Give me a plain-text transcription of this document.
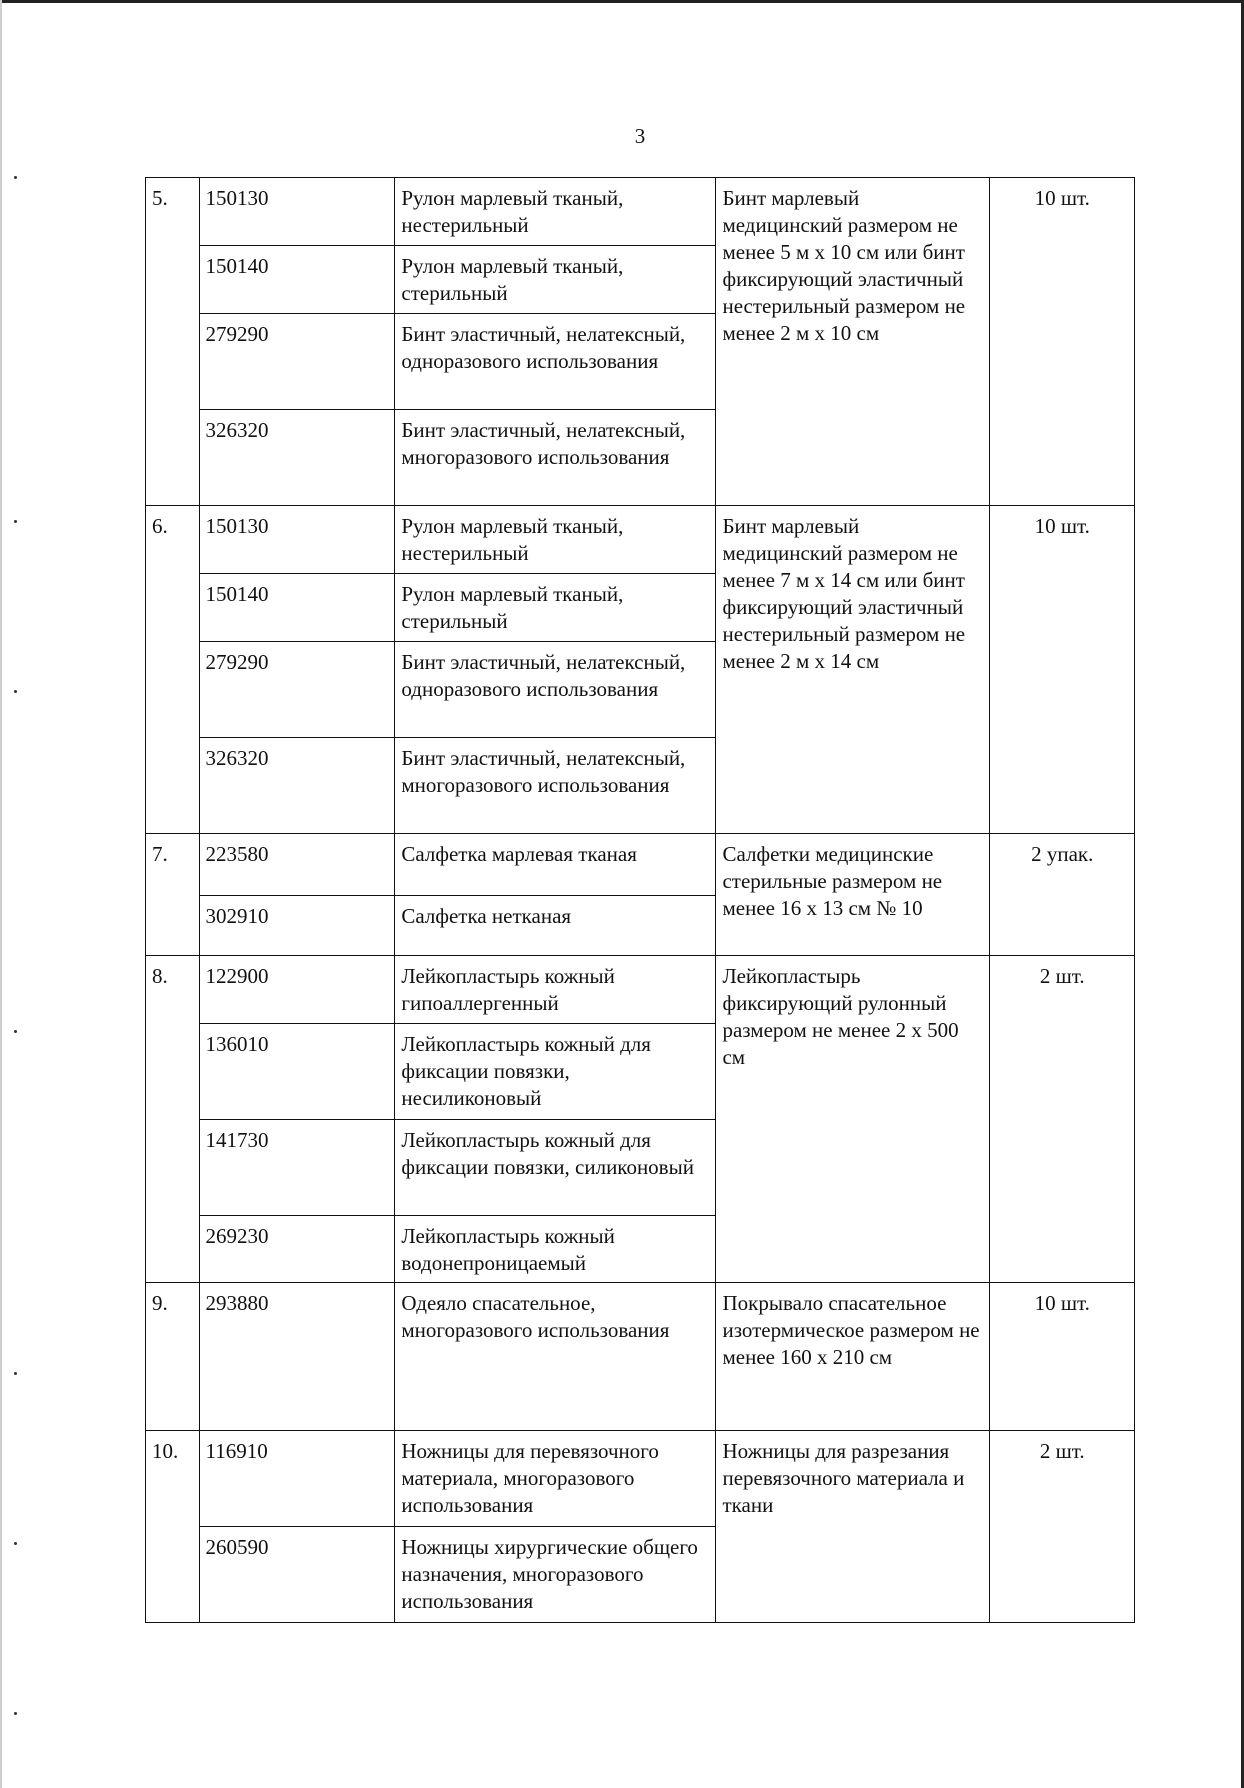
3
5.	150130	Рулон марлевый тканый, нестерильный	Бинт марлевый медицинский размером не менее 5 м х 10 см или бинт фиксирующий эластичный нестерильный размером не менее 2 м х 10 см	10 шт.
	150140	Рулон марлевый тканый, стерильный		
	279290	Бинт эластичный, нелатексный, одноразового использования		
	326320	Бинт эластичный, нелатексный, многоразового использования		
6.	150130	Рулон марлевый тканый, нестерильный	Бинт марлевый медицинский размером не менее 7 м х 14 см или бинт фиксирующий эластичный нестерильный размером не менее 2 м х 14 см	10 шт.
	150140	Рулон марлевый тканый, стерильный		
	279290	Бинт эластичный, нелатексный, одноразового использования		
	326320	Бинт эластичный, нелатексный, многоразового использования		
7.	223580	Салфетка марлевая тканая	Салфетки медицинские стерильные размером не менее 16 х 13 см № 10	2 упак.
	302910	Салфетка нетканая		
8.	122900	Лейкопластырь кожный гипоаллергенный	Лейкопластырь фиксирующий рулонный размером не менее 2 х 500 см	2 шт.
	136010	Лейкопластырь кожный для фиксации повязки, несиликоновый		
	141730	Лейкопластырь кожный для фиксации повязки, силиконовый		
	269230	Лейкопластырь кожный водонепроницаемый		
9.	293880	Одеяло спасательное, многоразового использования	Покрывало спасательное изотермическое размером не менее 160 х 210 см	10 шт.
10.	116910	Ножницы для перевязочного материала, многоразового использования	Ножницы для разрезания перевязочного материала и ткани	2 шт.
	260590	Ножницы хирургические общего назначения, многоразового использования		
